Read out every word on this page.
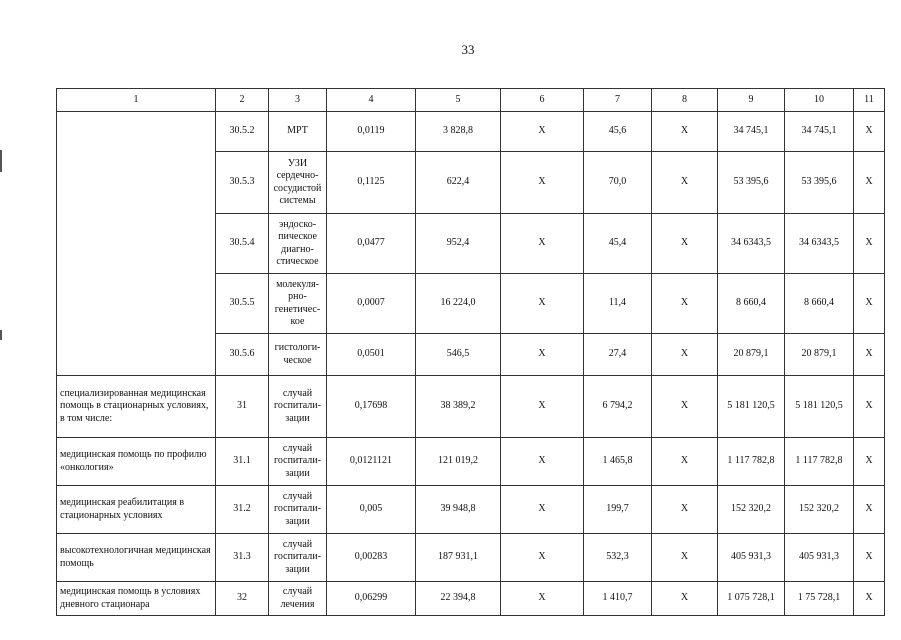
33
1	2	3	4	5	6	7	8	9	10	11
	30.5.2	МРТ	0,0119	3 828,8	Х	45,6	Х	34 745,1	34 745,1	Х
	30.5.3	УЗИ сердечно-сосудистой системы	0,1125	622,4	Х	70,0	Х	53 395,6	53 395,6	Х
	30.5.4	эндоско-пическое диагно-стическое	0,0477	952,4	Х	45,4	Х	34 6343,5	34 6343,5	Х
	30.5.5	молекуля-рно-генетичес-кое	0,0007	16 224,0	Х	11,4	Х	8 660,4	8 660,4	Х
	30.5.6	гистологи-ческое	0,0501	546,5	Х	27,4	Х	20 879,1	20 879,1	Х
специализированная медицинская помощь в стационарных условиях, в том числе:	31	случай госпитали-зации	0,17698	38 389,2	Х	6 794,2	Х	5 181 120,5	5 181 120,5	Х
медицинская помощь по профилю «онкология»	31.1	случай госпитали-зации	0,0121121	121 019,2	Х	1 465,8	Х	1 117 782,8	1 117 782,8	Х
медицинская реабилитация в стационарных условиях	31.2	случай госпитали-зации	0,005	39 948,8	Х	199,7	Х	152 320,2	152 320,2	Х
высокотехнологичная медицинская помощь	31.3	случай госпитали-зации	0,00283	187 931,1	Х	532,3	Х	405 931,3	405 931,3	Х
медицинская помощь в условиях дневного стационара	32	случай лечения	0,06299	22 394,8	Х	1 410,7	Х	1 075 728,1	1 75 728,1	Х
